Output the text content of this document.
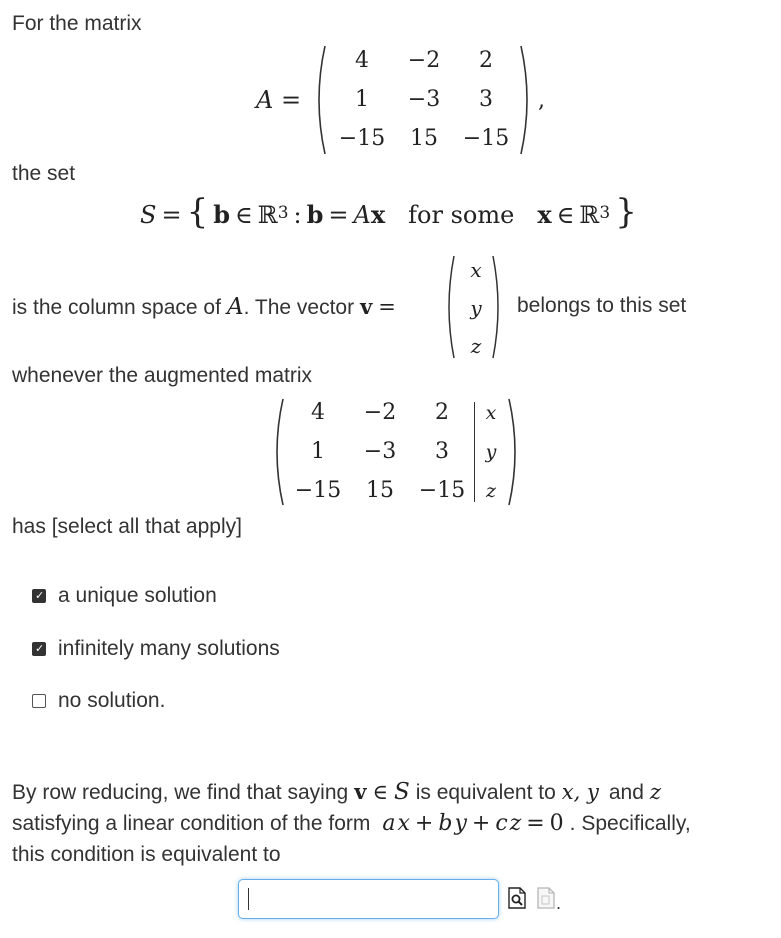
For the matrix
A =
4 −2 2
1 −3 3
−15 15 −15
,
the set
S = { b ∈ ℝ$^3$ : b = Ax for some x ∈ ℝ$^3$ }
is the column space of A . The vector v =
x
y
z
belongs to this set
whenever the augmented matrix
4 −2 2
1 −3 3
−15 15 −15
x
y
z
has [select all that apply]
✓ a unique solution
✓ infinitely many solutions
no solution.
By row reducing, we find that saying v ∈ S is equivalent to x, y and z
satisfying a linear condition of the form a x + b y + c z = 0 . Specifically,
this condition is equivalent to
.
